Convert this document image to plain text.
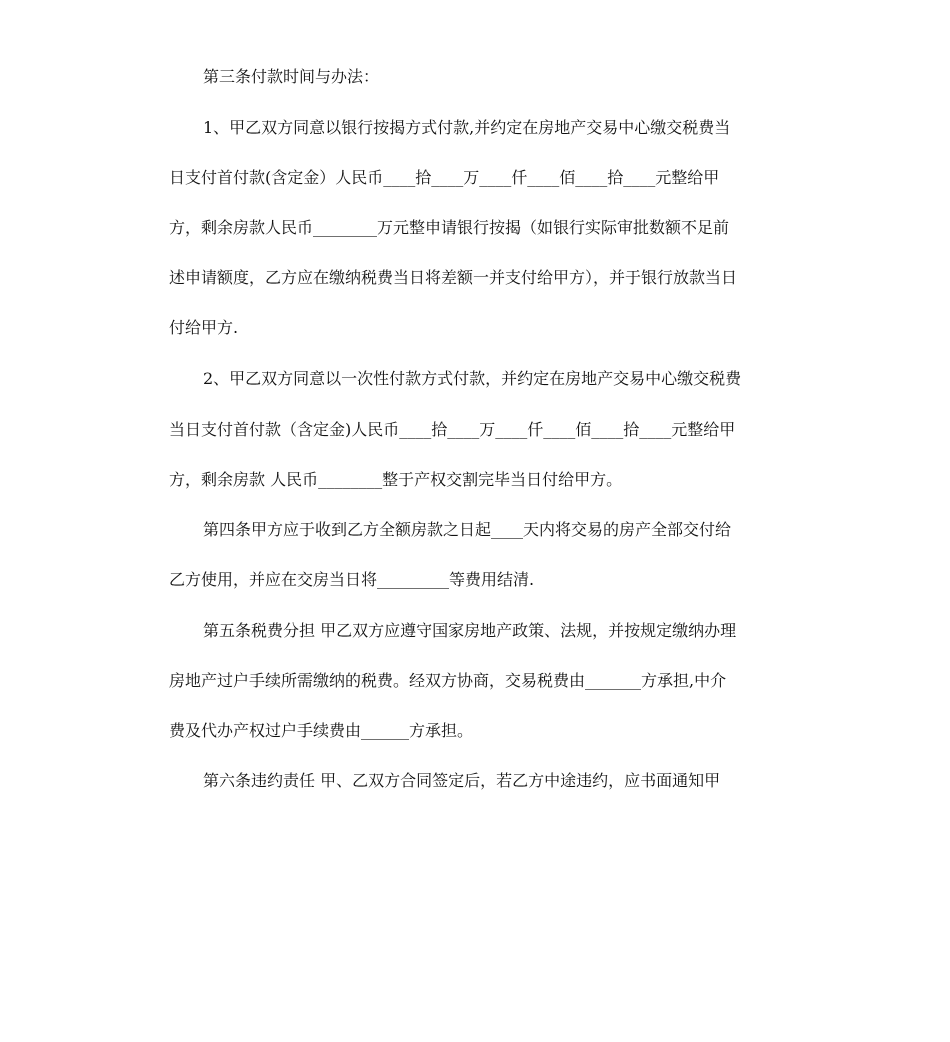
第三条付款时间与办法：

1、甲乙双方同意以银行按揭方式付款,并约定在房地产交易中心缴交税费当

日支付首付款(含定金）人民币____拾____万____仟____佰____拾____元整给甲

方，剩余房款人民币________万元整申请银行按揭（如银行实际审批数额不足前

述申请额度，乙方应在缴纳税费当日将差额一并支付给甲方），并于银行放款当日

付给甲方.

2、甲乙双方同意以一次性付款方式付款，并约定在房地产交易中心缴交税费

当日支付首付款（含定金)人民币____拾____万____仟____佰____拾____元整给甲

方，剩余房款 人民币________整于产权交割完毕当日付给甲方。

第四条甲方应于收到乙方全额房款之日起____天内将交易的房产全部交付给

乙方使用，并应在交房当日将_________等费用结清.

第五条税费分担 甲乙双方应遵守国家房地产政策、法规，并按规定缴纳办理

房地产过户手续所需缴纳的税费。经双方协商，交易税费由_______方承担,中介

费及代办产权过户手续费由______方承担。

第六条违约责任 甲、乙双方合同签定后，若乙方中途违约，应书面通知甲
